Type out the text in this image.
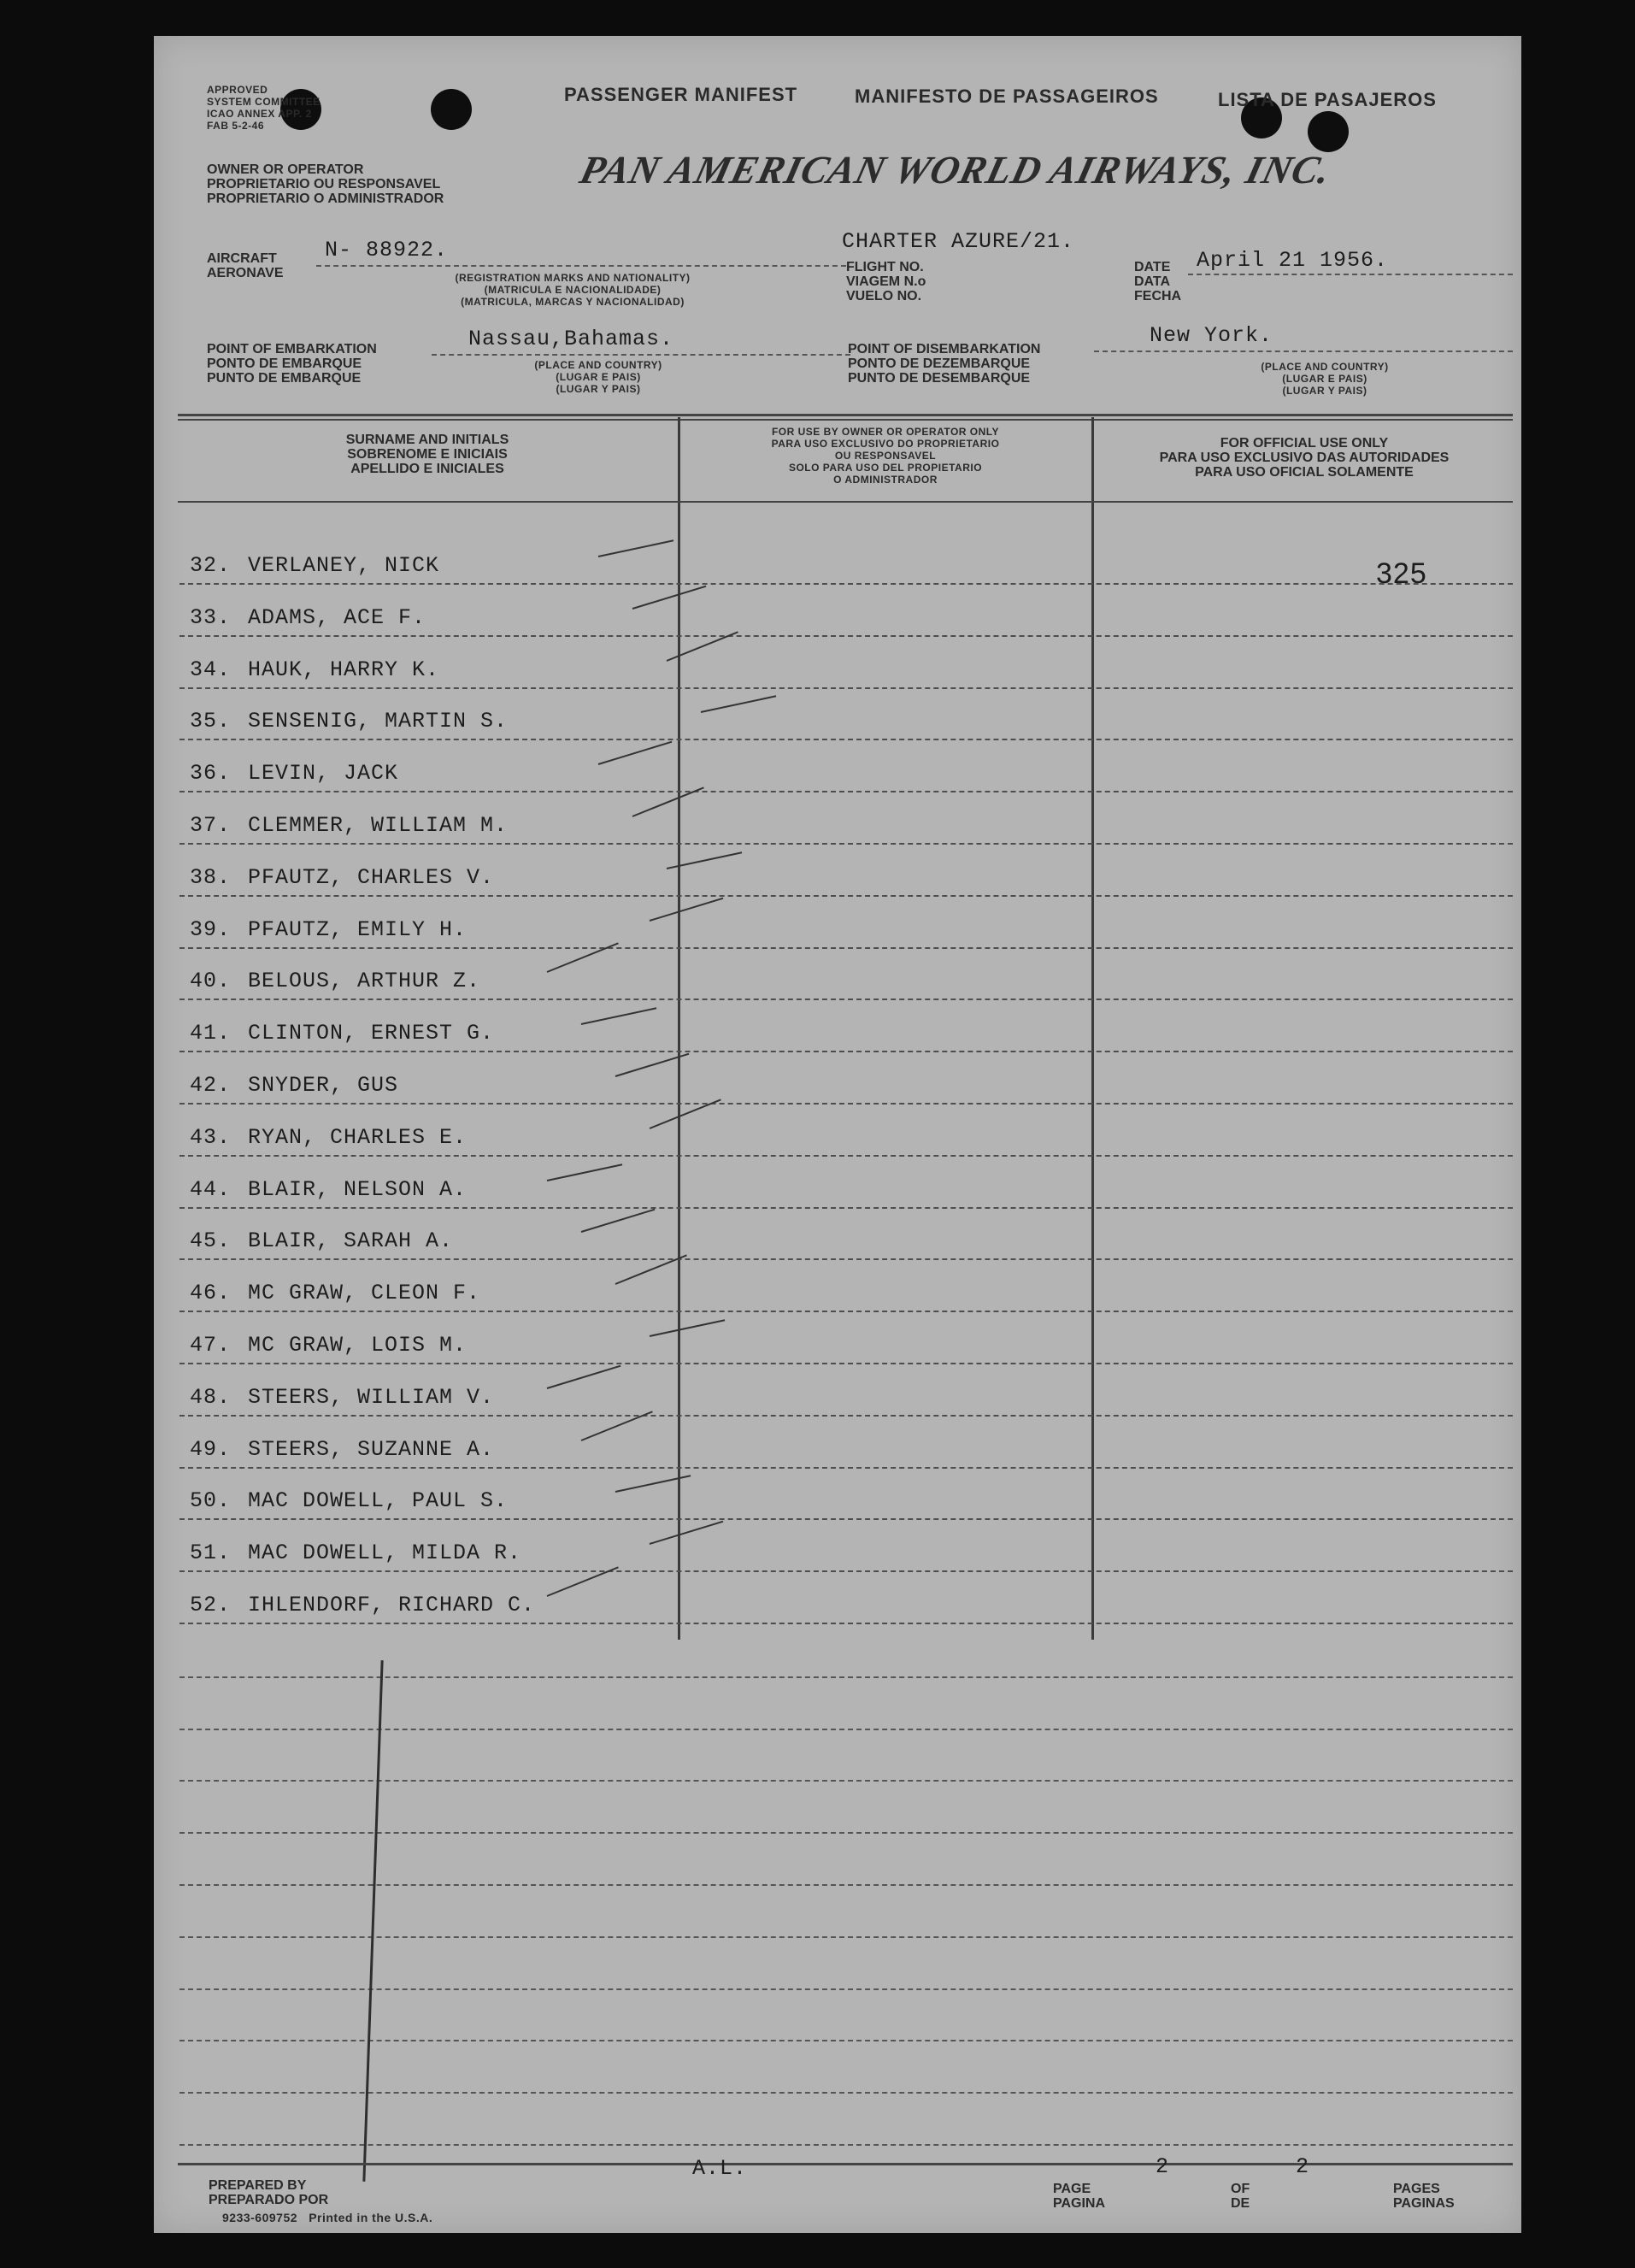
APPROVED
SYSTEM COMMITTEE
ICAO ANNEX APP. 2
FAB 5-2-46
PASSENGER MANIFEST	MANIFESTO DE PASSAGEIROS	LISTA DE PASAJEROS
OWNER OR OPERATOR
PROPRIETARIO OU RESPONSAVEL
PROPRIETARIO O ADMINISTRADOR
PAN AMERICAN WORLD AIRWAYS, INC.
AIRCRAFT
AERONAVE
N- 88922.
(REGISTRATION MARKS AND NATIONALITY)
(MATRICULA E NACIONALIDADE)
(MATRICULA, MARCAS Y NACIONALIDAD)
CHARTER AZURE/21.
FLIGHT NO.
VIAGEM N.o
VUELO NO.
DATE
DATA
FECHA
April 21 1956.
POINT OF EMBARKATION
PONTO DE EMBARQUE
PUNTO DE EMBARQUE
Nassau,Bahamas.
(PLACE AND COUNTRY)
(LUGAR E PAIS)
(LUGAR Y PAIS)
POINT OF DISEMBARKATION
PONTO DE DEZEMBARQUE
PUNTO DE DESEMBARQUE
New York.
(PLACE AND COUNTRY)
(LUGAR E PAIS)
(LUGAR Y PAIS)
SURNAME AND INITIALS
SOBRENOME E INICIAIS
APELLIDO E INICIALES
FOR USE BY OWNER OR OPERATOR ONLY
PARA USO EXCLUSIVO DO PROPRIETARIO
OU RESPONSAVEL
SOLO PARA USO DEL PROPIETARIO
O ADMINISTRADOR
FOR OFFICIAL USE ONLY
PARA USO EXCLUSIVO DAS AUTORIDADES
PARA USO OFICIAL SOLAMENTE
325
32. VERLANEY, NICK
33. ADAMS, ACE F.
34. HAUK, HARRY K.
35. SENSENIG, MARTIN S.
36. LEVIN, JACK
37. CLEMMER, WILLIAM M.
38. PFAUTZ, CHARLES V.
39. PFAUTZ, EMILY H.
40. BELOUS, ARTHUR Z.
41. CLINTON, ERNEST G.
42. SNYDER, GUS
43. RYAN, CHARLES E.
44. BLAIR, NELSON A.
45. BLAIR, SARAH A.
46. MC GRAW, CLEON F.
47. MC GRAW, LOIS M.
48. STEERS, WILLIAM V.
49. STEERS, SUZANNE A.
50. MAC DOWELL, PAUL S.
51. MAC DOWELL, MILDA R.
52. IHLENDORF, RICHARD C.
PREPARED BY
PREPARADO POR
9233-609752 Printed in the U.S.A.
A.L.
PAGE
PAGINA
2
OF
DE
2
PAGES
PAGINAS
